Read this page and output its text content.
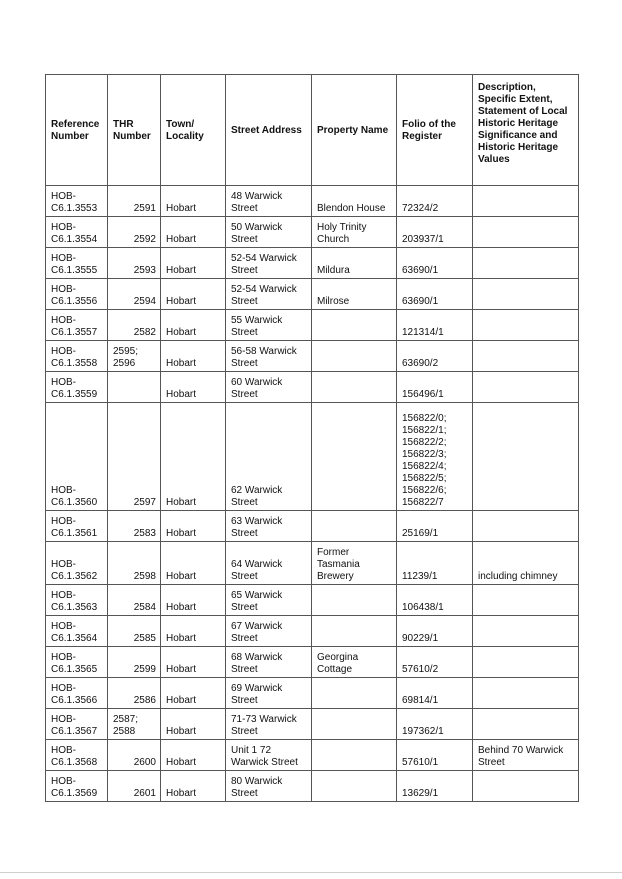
Reference Number	THR Number	Town/ Locality	Street Address	Property Name	Folio of the Register	Description, Specific Extent, Statement of Local Historic Heritage Significance and Historic Heritage Values
HOB-C6.1.3553	2591	Hobart	48 Warwick Street	Blendon House	72324/2	
HOB-C6.1.3554	2592	Hobart	50 Warwick Street	Holy Trinity Church	203937/1	
HOB-C6.1.3555	2593	Hobart	52-54 Warwick Street	Mildura	63690/1	
HOB-C6.1.3556	2594	Hobart	52-54 Warwick Street	Milrose	63690/1	
HOB-C6.1.3557	2582	Hobart	55 Warwick Street		121314/1	
HOB-C6.1.3558	2595; 2596	Hobart	56-58 Warwick Street		63690/2	
HOB-C6.1.3559		Hobart	60 Warwick Street		156496/1	
HOB-C6.1.3560	2597	Hobart	62 Warwick Street		156822/0; 156822/1; 156822/2; 156822/3; 156822/4; 156822/5; 156822/6; 156822/7	
HOB-C6.1.3561	2583	Hobart	63 Warwick Street		25169/1	
HOB-C6.1.3562	2598	Hobart	64 Warwick Street	Former Tasmania Brewery	11239/1	including chimney
HOB-C6.1.3563	2584	Hobart	65 Warwick Street		106438/1	
HOB-C6.1.3564	2585	Hobart	67 Warwick Street		90229/1	
HOB-C6.1.3565	2599	Hobart	68 Warwick Street	Georgina Cottage	57610/2	
HOB-C6.1.3566	2586	Hobart	69 Warwick Street		69814/1	
HOB-C6.1.3567	2587; 2588	Hobart	71-73 Warwick Street		197362/1	
HOB-C6.1.3568	2600	Hobart	Unit 1 72 Warwick Street		57610/1	Behind 70 Warwick Street
HOB-C6.1.3569	2601	Hobart	80 Warwick Street		13629/1	
